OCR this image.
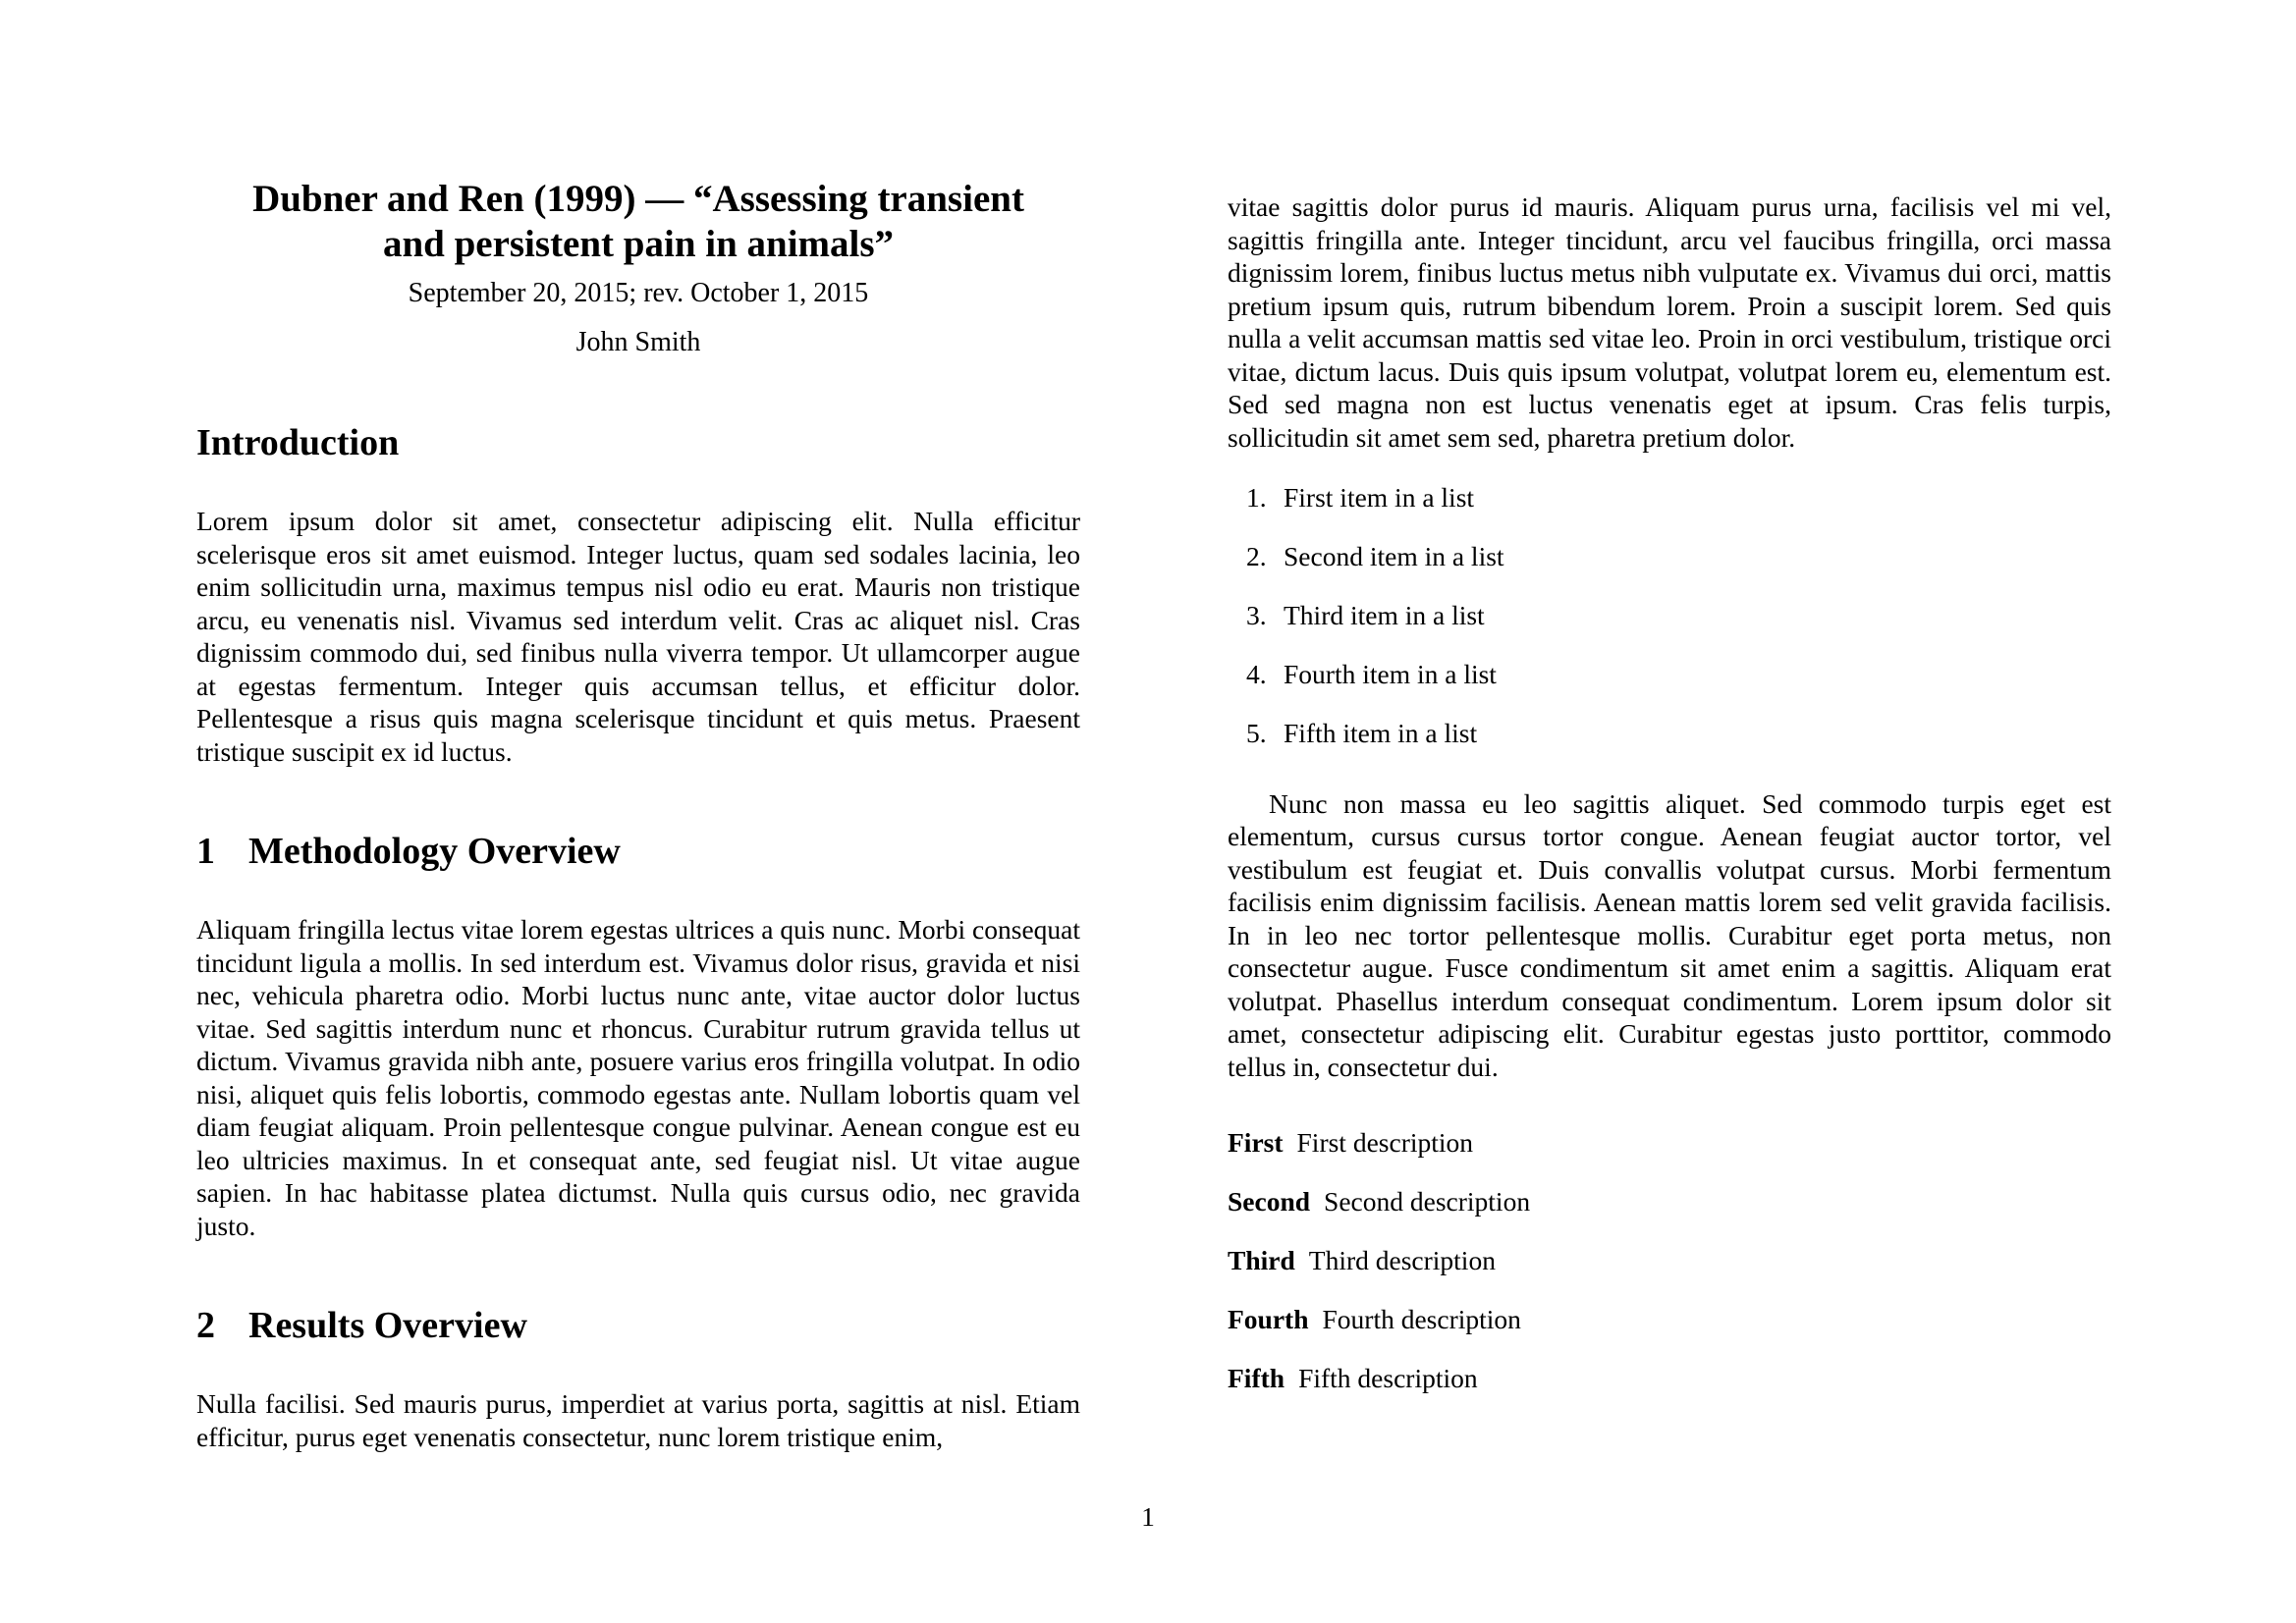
Dubner and Ren (1999) — “Assessing transient
and persistent pain in animals”
September 20, 2015; rev. October 1, 2015
John Smith
Introduction

Lorem ipsum dolor sit amet, consectetur adipiscing elit. Nulla efficitur scelerisque eros sit amet euismod. Integer luctus, quam sed sodales lacinia, leo enim sollicitudin urna, maximus tempus nisl odio eu erat. Mauris non tristique arcu, eu venenatis nisl. Vivamus sed interdum velit. Cras ac aliquet nisl. Cras dignissim commodo dui, sed finibus nulla viverra tempor. Ut ullamcorper augue at egestas fermentum. Integer quis accumsan tellus, et efficitur dolor. Pellentesque a risus quis magna scelerisque tincidunt et quis metus. Praesent tristique suscipit ex id luctus.

1 Methodology Overview

Aliquam fringilla lectus vitae lorem egestas ultrices a quis nunc. Morbi consequat tincidunt ligula a mollis. In sed interdum est. Vivamus dolor risus, gravida et nisi nec, vehicula pharetra odio. Morbi luctus nunc ante, vitae auctor dolor luctus vitae. Sed sagittis interdum nunc et rhoncus. Curabitur rutrum gravida tellus ut dictum. Vivamus gravida nibh ante, posuere varius eros fringilla volutpat. In odio nisi, aliquet quis felis lobortis, commodo egestas ante. Nullam lobortis quam vel diam feugiat aliquam. Proin pellentesque congue pulvinar. Aenean congue est eu leo ultricies maximus. In et consequat ante, sed feugiat nisl. Ut vitae augue sapien. In hac habitasse platea dictumst. Nulla quis cursus odio, nec gravida justo.

2 Results Overview

Nulla facilisi. Sed mauris purus, imperdiet at varius porta, sagittis at nisl. Etiam efficitur, purus eget venenatis consectetur, nunc lorem tristique enim,

vitae sagittis dolor purus id mauris. Aliquam purus urna, facilisis vel mi vel, sagittis fringilla ante. Integer tincidunt, arcu vel faucibus fringilla, orci massa dignissim lorem, finibus luctus metus nibh vulputate ex. Vivamus dui orci, mattis pretium ipsum quis, rutrum bibendum lorem. Proin a suscipit lorem. Sed quis nulla a velit accumsan mattis sed vitae leo. Proin in orci vestibulum, tristique orci vitae, dictum lacus. Duis quis ipsum volutpat, volutpat lorem eu, elementum est. Sed sed magna non est luctus venenatis eget at ipsum. Cras felis turpis, sollicitudin sit amet sem sed, pharetra pretium dolor.

1. First item in a list
2. Second item in a list
3. Third item in a list
4. Fourth item in a list
5. Fifth item in a list

Nunc non massa eu leo sagittis aliquet. Sed commodo turpis eget est elementum, cursus cursus tortor congue. Aenean feugiat auctor tortor, vel vestibulum est feugiat et. Duis convallis volutpat cursus. Morbi fermentum facilisis enim dignissim facilisis. Aenean mattis lorem sed velit gravida facilisis. In in leo nec tortor pellentesque mollis. Curabitur eget porta metus, non consectetur augue. Fusce condimentum sit amet enim a sagittis. Aliquam erat volutpat. Phasellus interdum consequat condimentum. Lorem ipsum dolor sit amet, consectetur adipiscing elit. Curabitur egestas justo porttitor, commodo tellus in, consectetur dui.

First First description
Second Second description
Third Third description
Fourth Fourth description
Fifth Fifth description
1
